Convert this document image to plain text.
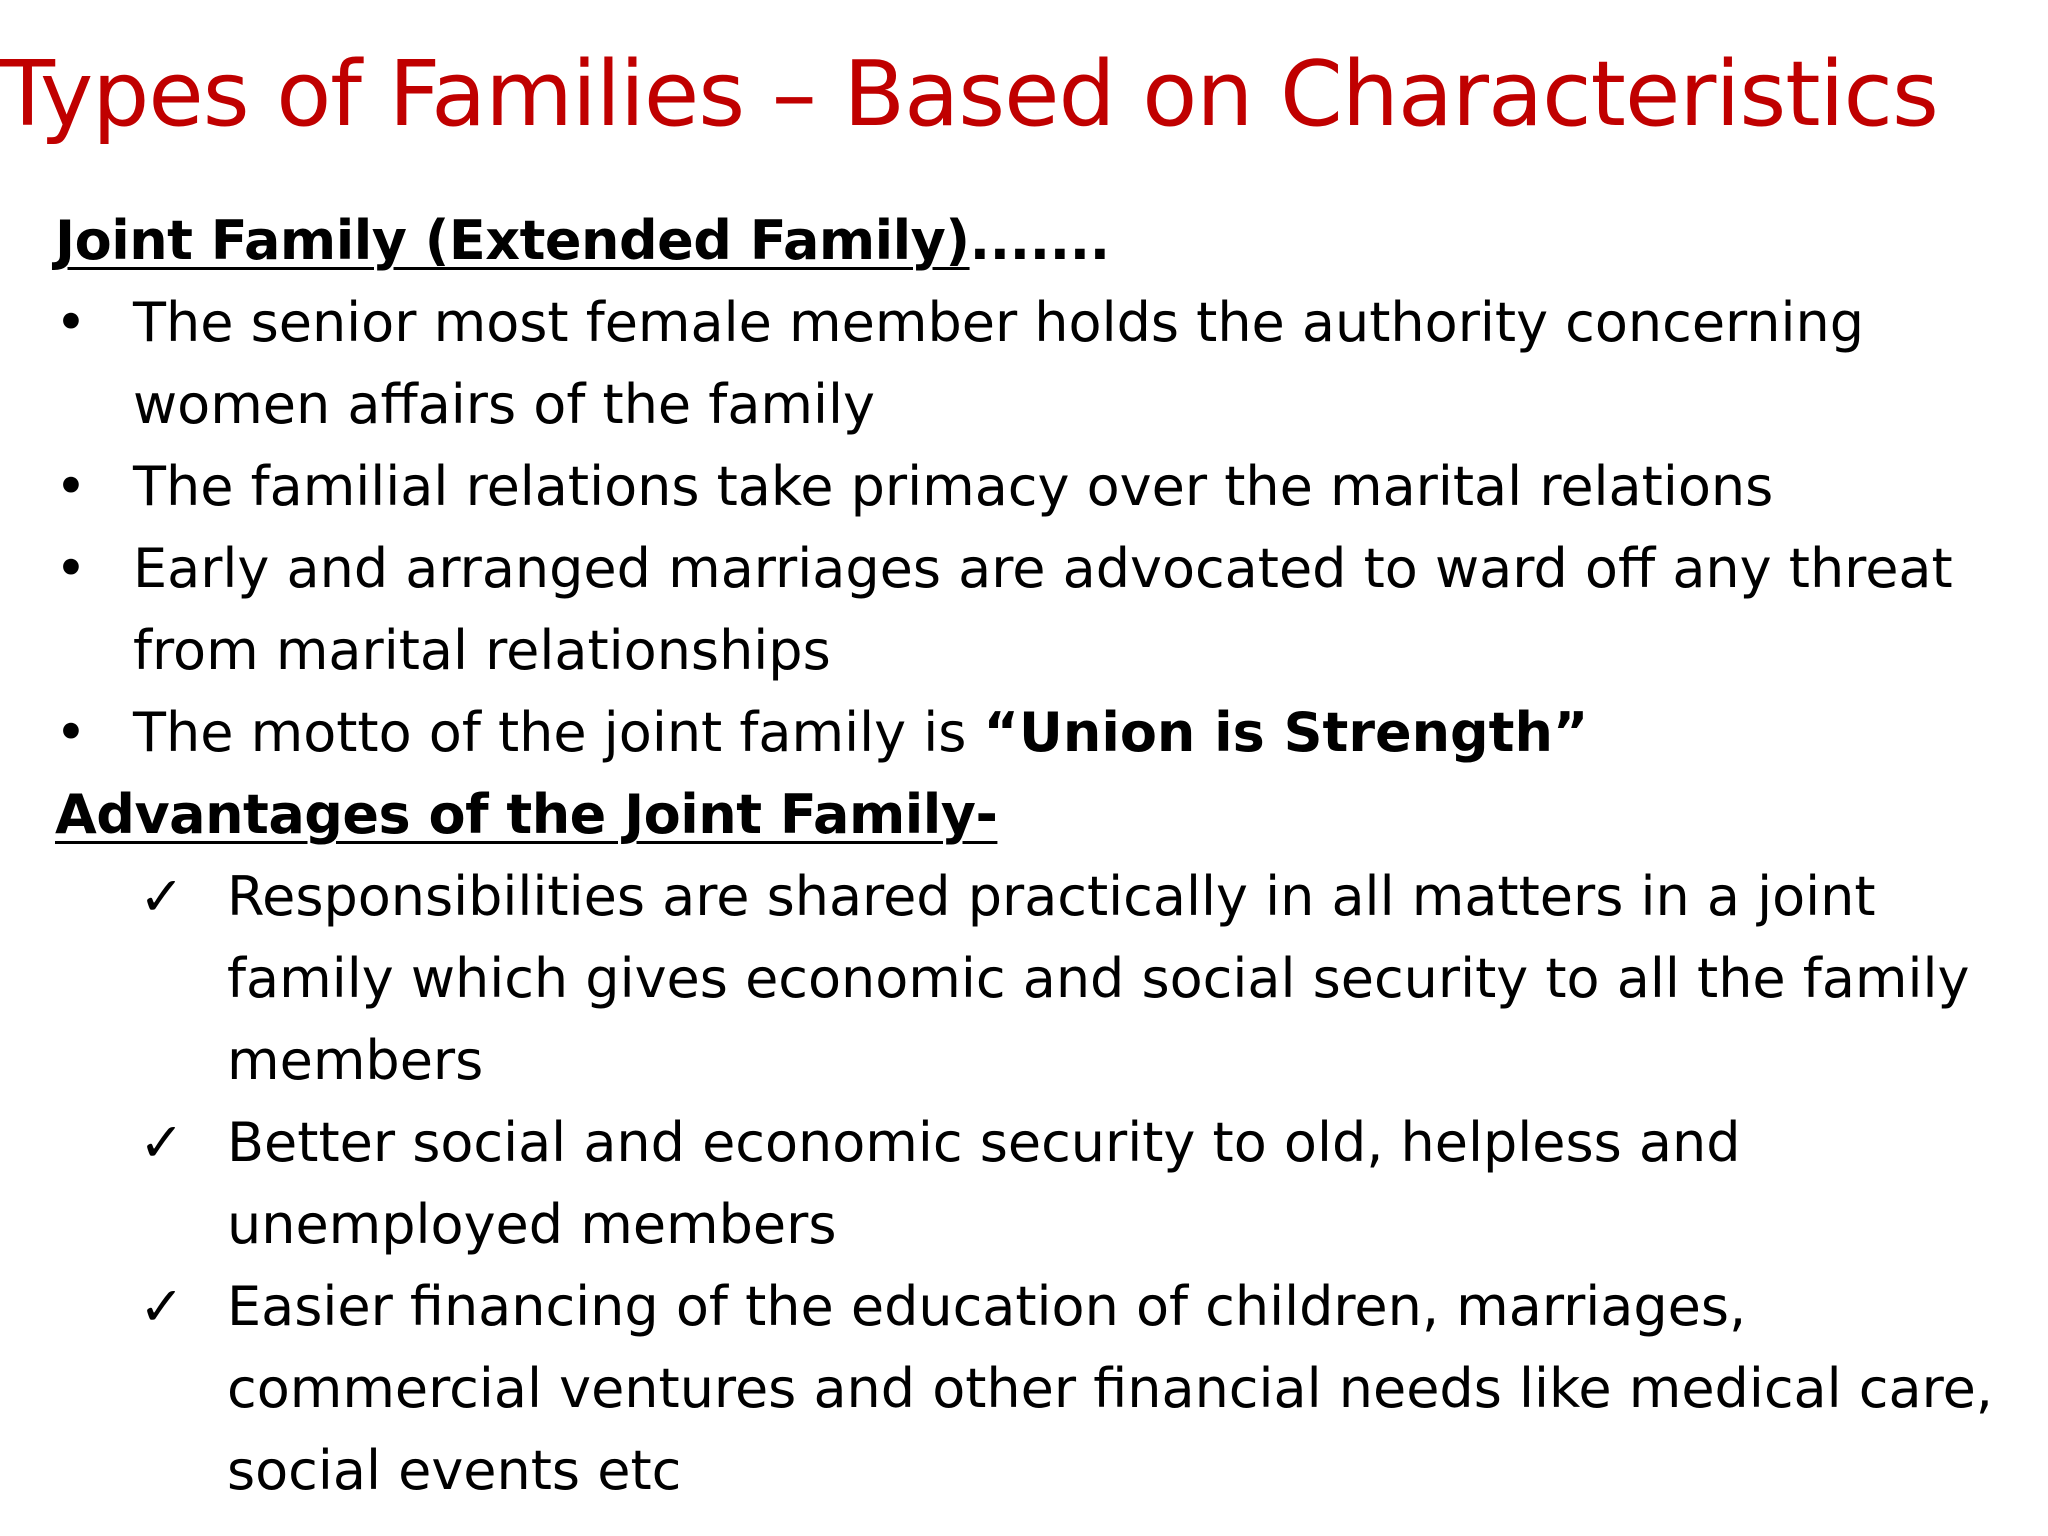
Types of Families – Based on Characteristics
Joint Family (Extended Family).......
• The senior most female member holds the authority concerning women affairs of the family
• The familial relations take primacy over the marital relations
• Early and arranged marriages are advocated to ward off any threat from marital relationships
• The motto of the joint family is “Union is Strength”
Advantages of the Joint Family-
✓ Responsibilities are shared practically in all matters in a joint family which gives economic and social security to all the family members
✓ Better social and economic security to old, helpless and unemployed members
✓ Easier financing of the education of children, marriages, commercial ventures and other financial needs like medical care, social events etc
